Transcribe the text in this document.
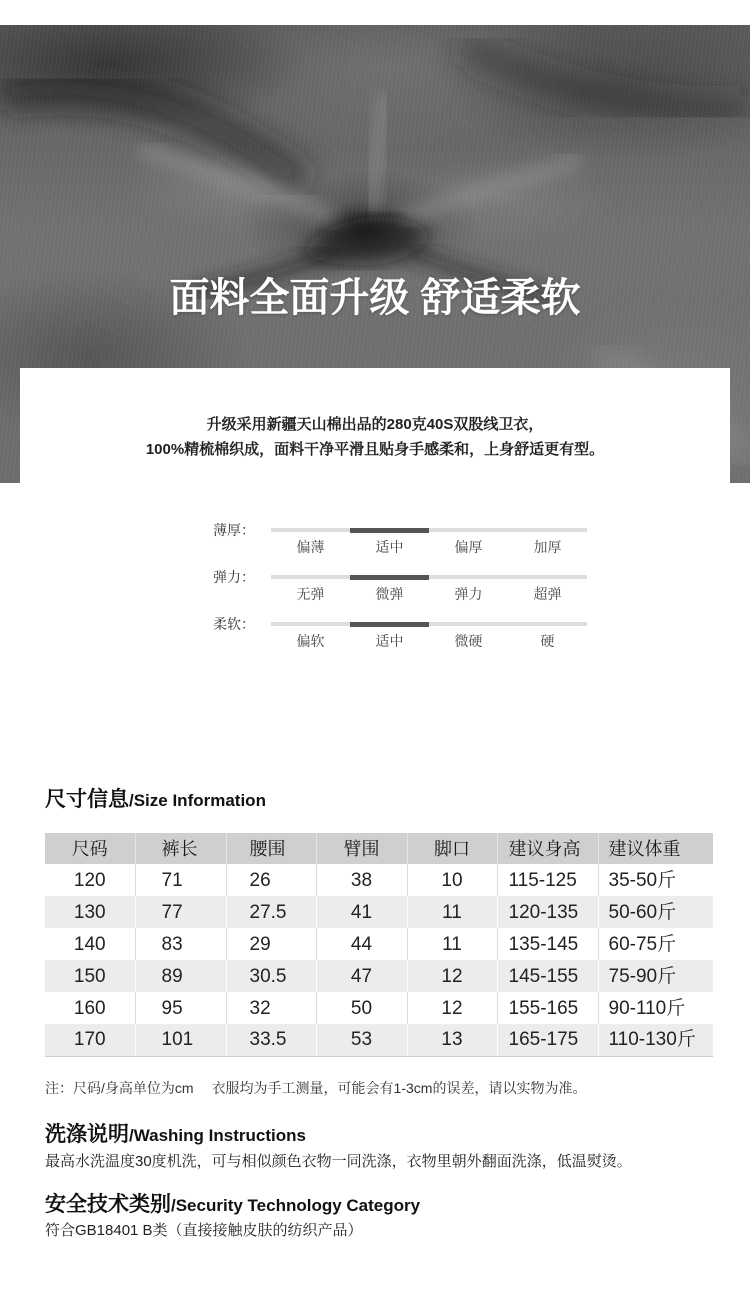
面料全面升级 舒适柔软
升级采用新疆天山棉出品的280克40S双股线卫衣，
100%精梳棉织成，面料干净平滑且贴身手感柔和，上身舒适更有型。
薄厚：
偏薄	适中	偏厚	加厚
弹力：
无弹	微弹	弹力	超弹
柔软：
偏软	适中	微硬	硬
尺寸信息/Size Information
尺码	裤长	腰围	臂围	脚口	建议身高	建议体重
120	71	26	38	10	115-125	35-50斤
130	77	27.5	41	11	120-135	50-60斤
140	83	29	44	11	135-145	60-75斤
150	89	30.5	47	12	145-155	75-90斤
160	95	32	50	12	155-165	90-110斤
170	101	33.5	53	13	165-175	110-130斤
注：尺码/身高单位为cm 衣服均为手工测量，可能会有1-3cm的误差，请以实物为准。
洗涤说明/Washing Instructions
最高水洗温度30度机洗，可与相似颜色衣物一同洗涤，衣物里朝外翻面洗涤，低温熨烫。
安全技术类别/Security Technology Category
符合GB18401 B类（直接接触皮肤的纺织产品）
